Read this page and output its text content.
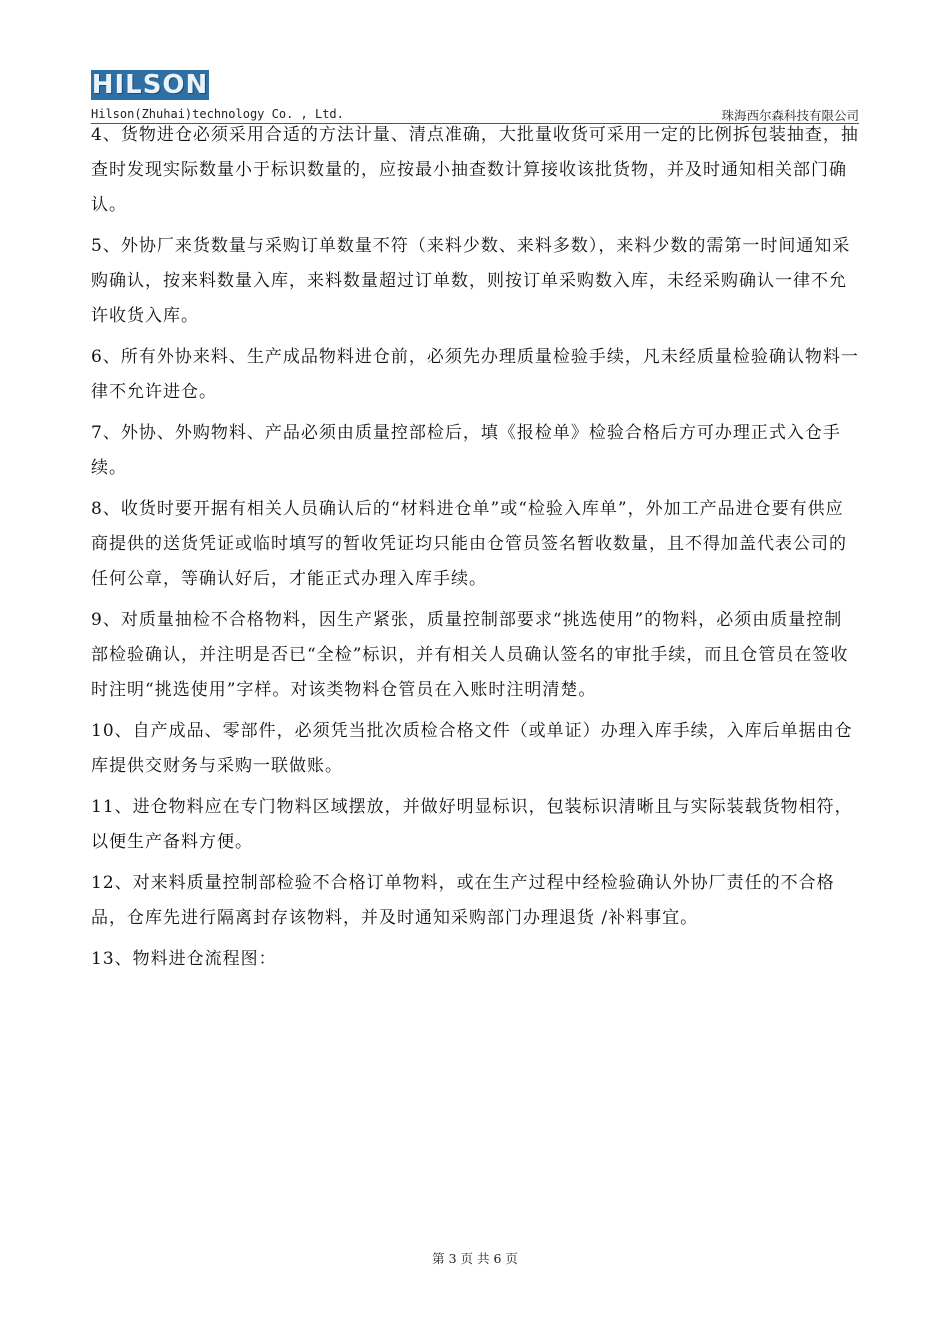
HILSON
Hilson(Zhuhai)technology Co. , Ltd.	珠海西尔森科技有限公司

4、货物进仓必须采用合适的方法计量、清点准确，大批量收货可采用一定的比例拆包装抽查，抽查时发现实际数量小于标识数量的，应按最小抽查数计算接收该批货物，并及时通知相关部门确认。

5、外协厂来货数量与采购订单数量不符（来料少数、来料多数），来料少数的需第一时间通知采购确认，按来料数量入库，来料数量超过订单数，则按订单采购数入库，未经采购确认一律不允许收货入库。

6、所有外协来料、生产成品物料进仓前，必须先办理质量检验手续，凡未经质量检验确认物料一律不允许进仓。

7、外协、外购物料、产品必须由质量控部检后，填《报检单》检验合格后方可办理正式入仓手续。

8、收货时要开据有相关人员确认后的“材料进仓单”或“检验入库单”，外加工产品进仓要有供应商提供的送货凭证或临时填写的暂收凭证均只能由仓管员签名暂收数量，且不得加盖代表公司的任何公章，等确认好后，才能正式办理入库手续。

9、对质量抽检不合格物料，因生产紧张，质量控制部要求“挑选使用”的物料，必须由质量控制部检验确认，并注明是否已“全检”标识，并有相关人员确认签名的审批手续，而且仓管员在签收时注明“挑选使用”字样。对该类物料仓管员在入账时注明清楚。

10、自产成品、零部件，必须凭当批次质检合格文件（或单证）办理入库手续，入库后单据由仓库提供交财务与采购一联做账。

11、进仓物料应在专门物料区域摆放，并做好明显标识，包装标识清晰且与实际装载货物相符，以便生产备料方便。

12、对来料质量控制部检验不合格订单物料，或在生产过程中经检验确认外协厂责任的不合格品，仓库先进行隔离封存该物料，并及时通知采购部门办理退货 /补料事宜。

13、物料进仓流程图：

第 3 页 共 6 页
